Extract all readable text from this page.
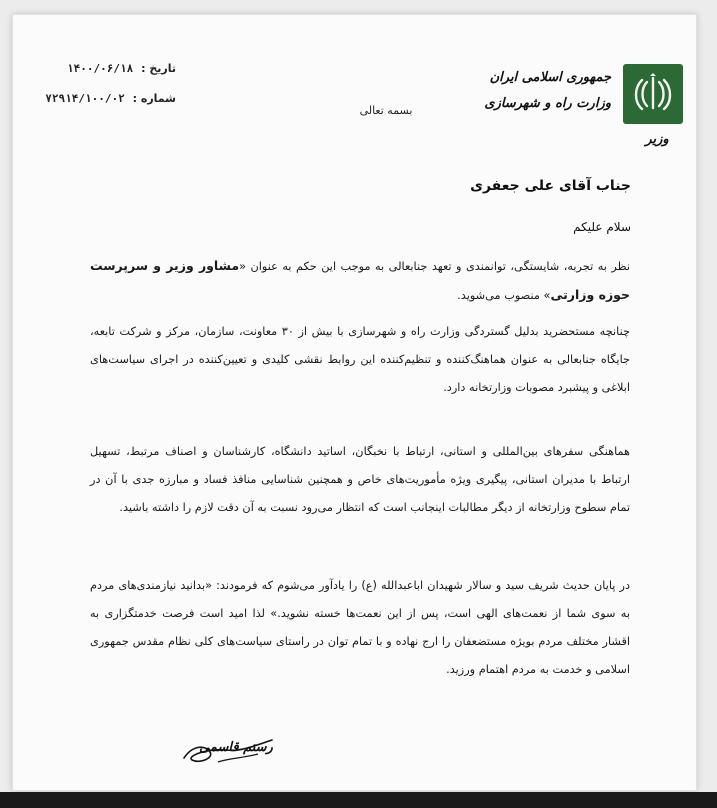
وزیر
جمهوری اسلامی ایران
وزارت راه و شهرسازی
بسمه تعالی
تاریخ : ۱۴۰۰/۰۶/۱۸
شماره : ۷۲۹۱۴/۱۰۰/۰۲
جناب آقای علی جعفری
سلام علیکم
نظر به تجربه، شایستگی، توانمندی و تعهد جنابعالی به موجب این حکم به عنوان «مشاور وزیر و سرپرست حوزه وزارتی» منصوب می‌شوید.
چنانچه مستحضرید بدلیل گستردگی وزارت راه و شهرسازی با بیش از ۳۰ معاونت، سازمان، مرکز و شرکت تابعه، جایگاه جنابعالی به عنوان هماهنگ‌کننده و تنظیم‌کننده این روابط نقشی کلیدی و تعیین‌کننده در اجرای سیاست‌های ابلاغی و پیشبرد مصوبات وزارتخانه دارد.
هماهنگی سفرهای بین‌المللی و استانی، ارتباط با نخبگان، اساتید دانشگاه، کارشناسان و اصناف مرتبط، تسهیل ارتباط با مدیران استانی، پیگیری ویژه مأموریت‌های خاص و همچنین شناسایی منافذ فساد و مبارزه جدی با آن در تمام سطوح وزارتخانه از دیگر مطالبات اینجانب است که انتظار می‌رود نسبت به آن دقت لازم را داشته باشید.
در پایان حدیث شریف سید و سالار شهیدان اباعبدالله (ع) را یادآور می‌شوم که فرمودند: «بدانید نیازمندی‌های مردم به سوی شما از نعمت‌های الهی است، پس از این نعمت‌ها خسته نشوید.» لذا امید است فرصت خدمتگزاری به اقشار مختلف مردم بویژه مستضعفان را ارج نهاده و با تمام توان در راستای سیاست‌های کلی نظام مقدس جمهوری اسلامی و خدمت به مردم اهتمام ورزید.
رستم قاسمی
